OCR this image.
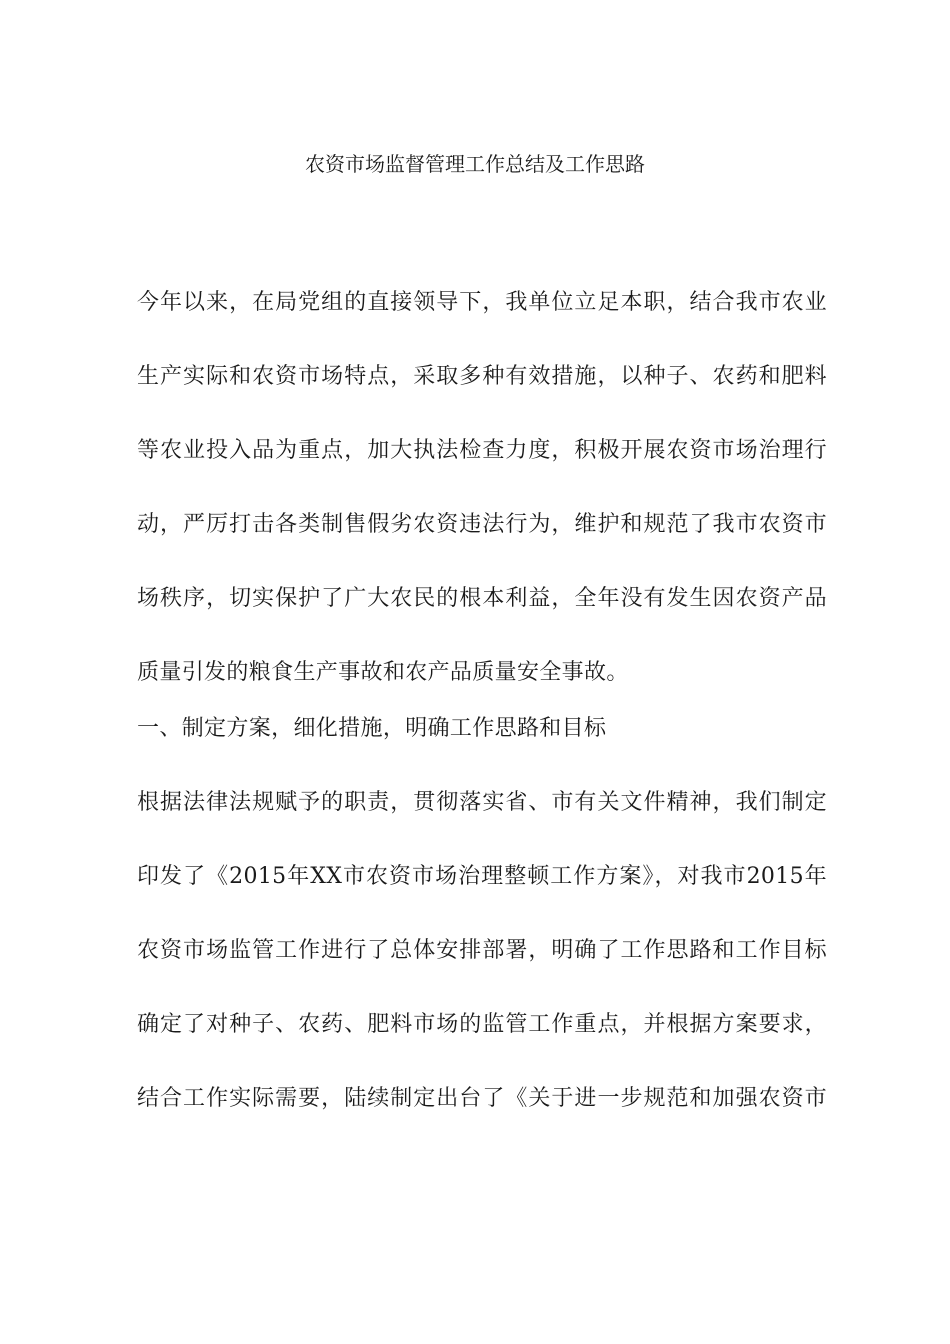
农资市场监督管理工作总结及工作思路
今年以来，在局党组的直接领导下，我单位立足本职，结合我市农业
生产实际和农资市场特点，采取多种有效措施，以种子、农药和肥料
等农业投入品为重点，加大执法检查力度，积极开展农资市场治理行
动，严厉打击各类制售假劣农资违法行为，维护和规范了我市农资市
场秩序，切实保护了广大农民的根本利益，全年没有发生因农资产品
质量引发的粮食生产事故和农产品质量安全事故。
一、制定方案，细化措施，明确工作思路和目标
根据法律法规赋予的职责，贯彻落实省、市有关文件精神，我们制定
印发了《2015年XX市农资市场治理整顿工作方案》，对我市2015年
农资市场监管工作进行了总体安排部署，明确了工作思路和工作目标
确定了对种子、农药、肥料市场的监管工作重点，并根据方案要求，
结合工作实际需要，陆续制定出台了《关于进一步规范和加强农资市
